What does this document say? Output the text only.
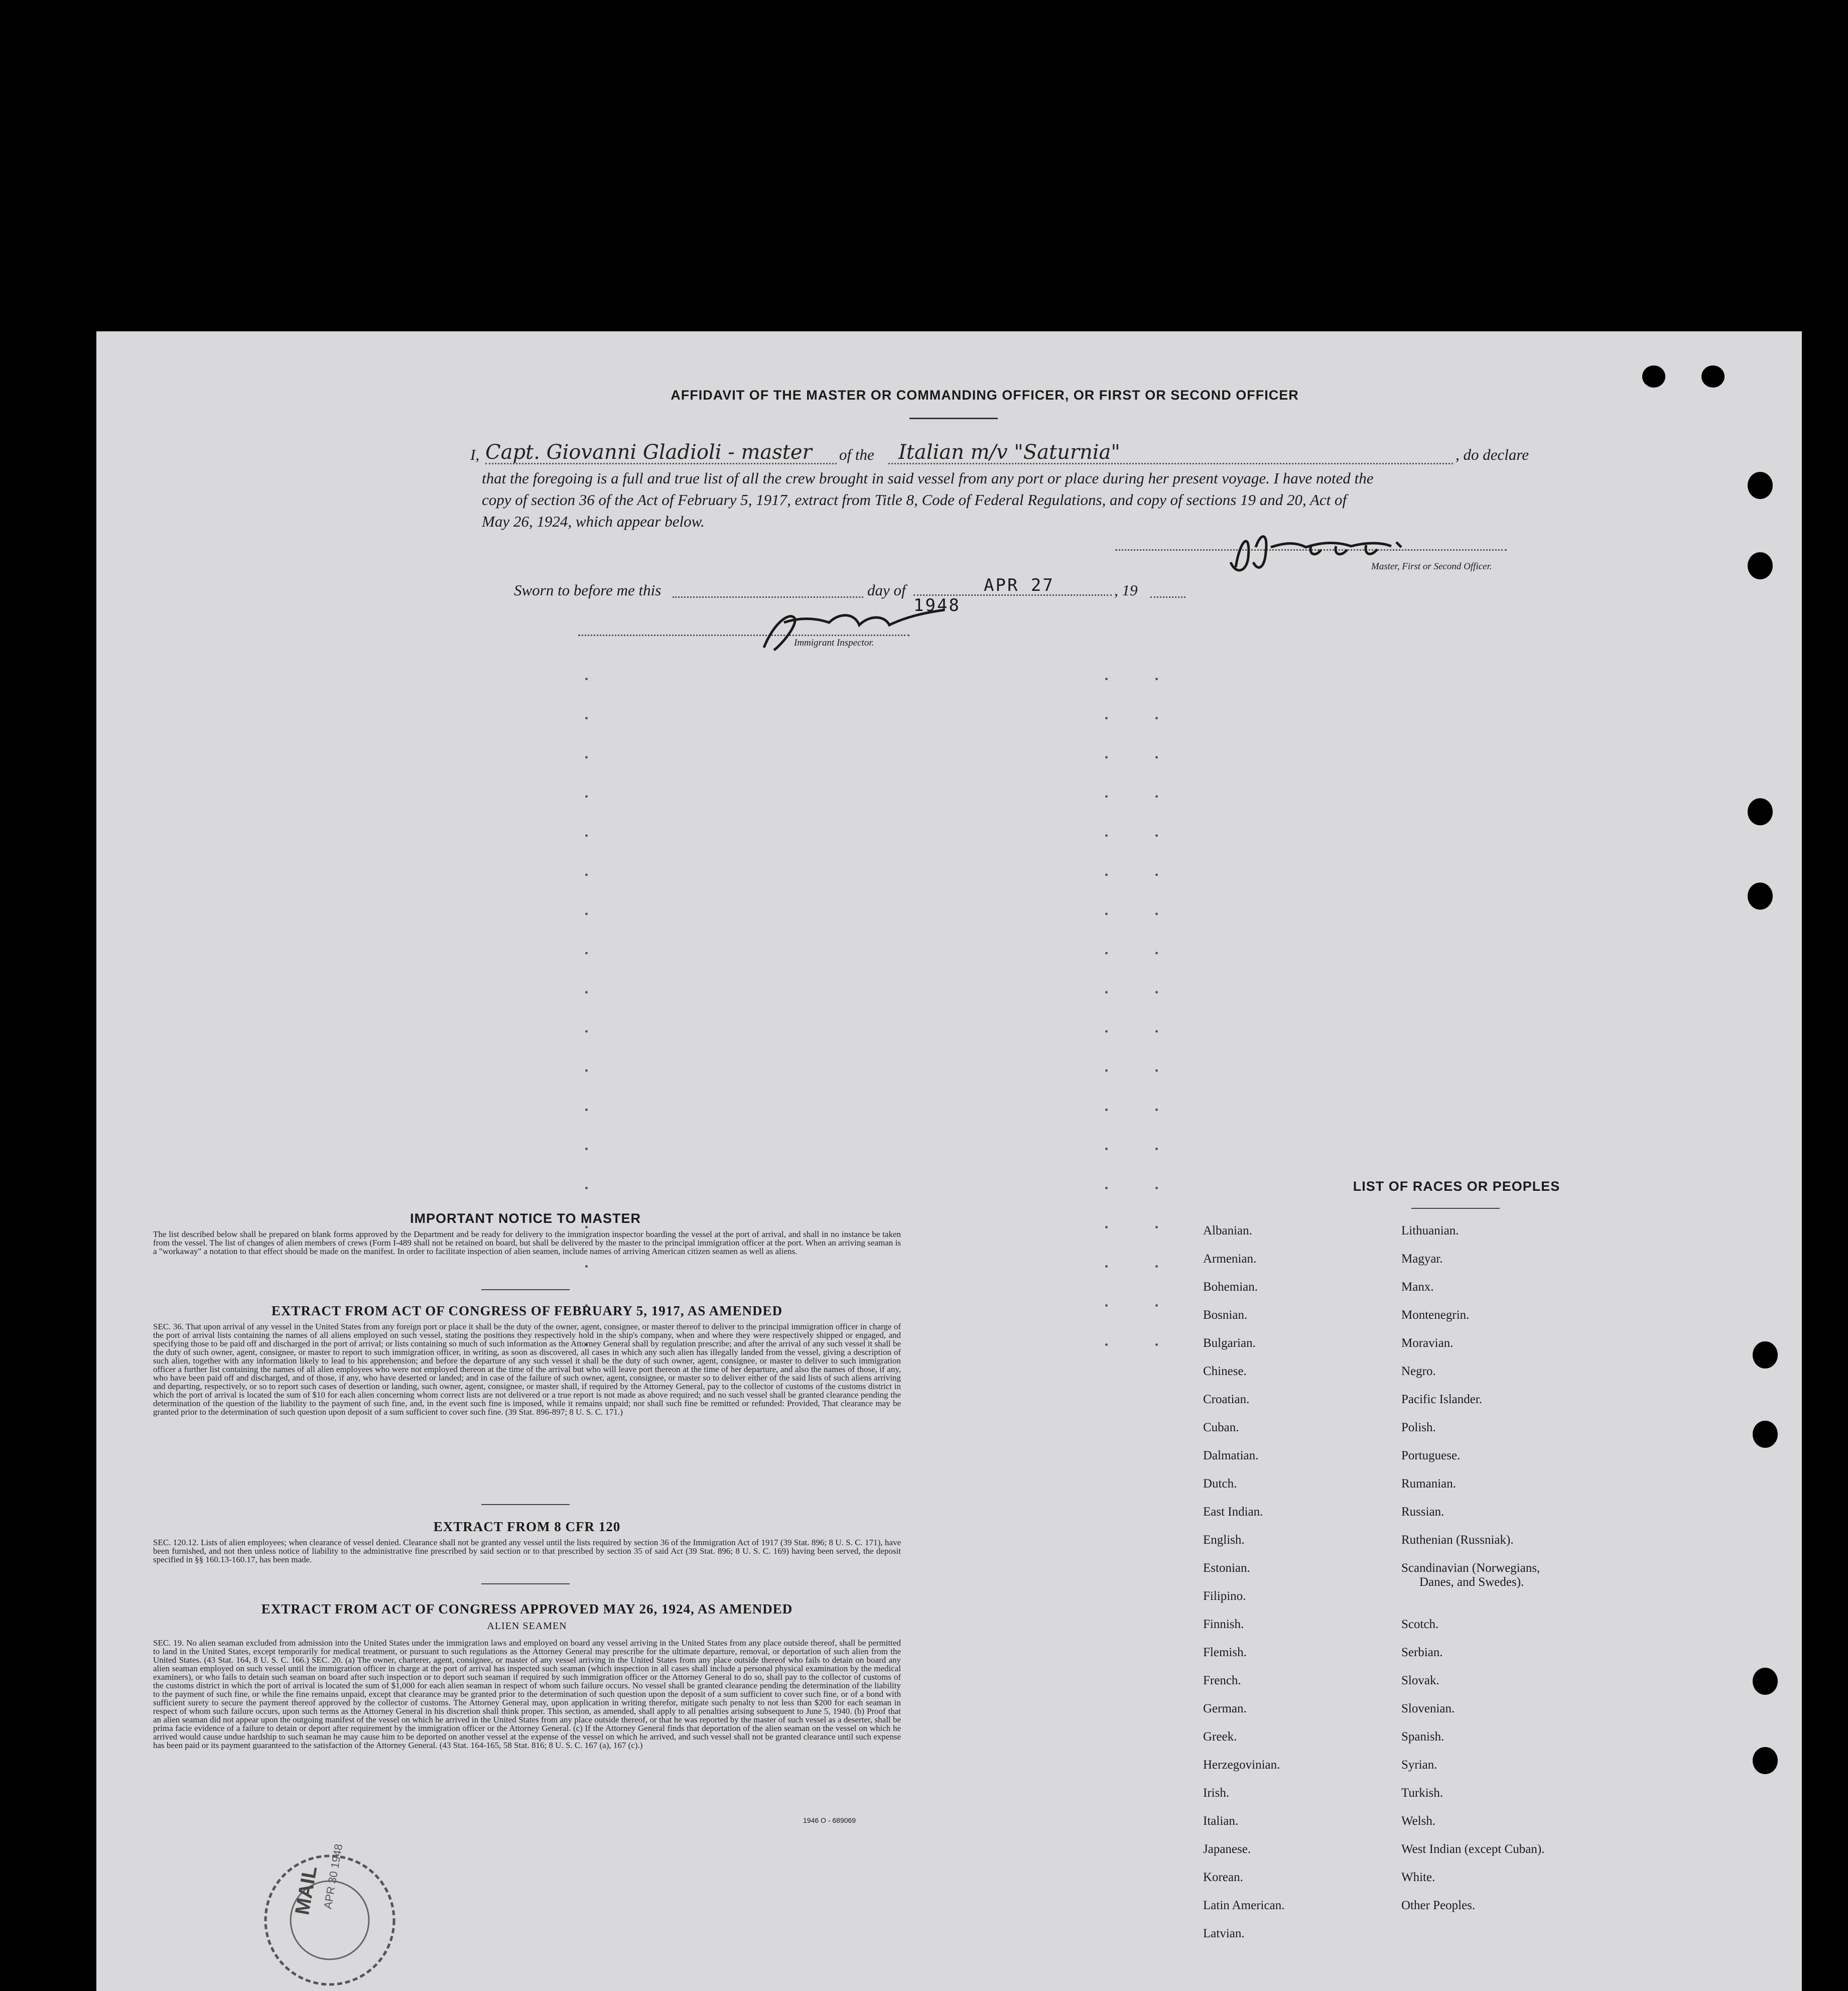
AFFIDAVIT OF THE MASTER OR COMMANDING OFFICER, OR FIRST OR SECOND OFFICER
I, Capt. Giovanni Gladioli - master	of the	Italian m/v "Saturnia"	, do declare
that the foregoing is a full and true list of all the crew brought in said vessel from any port or place during her present voyage. I have noted the
copy of section 36 of the Act of February 5, 1917, extract from Title 8, Code of Federal Regulations, and copy of sections 19 and 20, Act of
May 26, 1924, which appear below.
Master, First or Second Officer.
Sworn to before me this	day of	APR 27 1948
, 19
Immigrant Inspector.
IMPORTANT NOTICE TO MASTER
The list described below shall be prepared on blank forms approved by the Department and be ready for delivery to the immigration inspector boarding the vessel at the port of arrival, and shall in no instance be taken from the vessel. The list of changes of alien members of crews (Form I-489 shall not be retained on board, but shall be delivered by the master to the principal immigration officer at the port. When an arriving seaman is a "workaway" a notation to that effect should be made on the manifest. In order to facilitate inspection of alien seamen, include names of arriving American citizen seamen as well as aliens.
EXTRACT FROM ACT OF CONGRESS OF FEBRUARY 5, 1917, AS AMENDED
SEC. 36. That upon arrival of any vessel in the United States from any foreign port or place it shall be the duty of the owner, agent, consignee, or master thereof to deliver to the principal immigration officer in charge of the port of arrival lists containing the names of all aliens employed on such vessel, stating the positions they respectively hold in the ship's company, when and where they were respectively shipped or engaged, and specifying those to be paid off and discharged in the port of arrival; or lists containing so much of such information as the Attorney General shall by regulation prescribe; and after the arrival of any such vessel it shall be the duty of such owner, agent, consignee, or master to report to such immigration officer, in writing, as soon as discovered, all cases in which any such alien has illegally landed from the vessel, giving a description of such alien, together with any information likely to lead to his apprehension; and before the departure of any such vessel it shall be the duty of such owner, agent, consignee, or master to deliver to such immigration officer a further list containing the names of all alien employees who were not employed thereon at the time of the arrival but who will leave port thereon at the time of her departure, and also the names of those, if any, who have been paid off and discharged, and of those, if any, who have deserted or landed; and in case of the failure of such owner, agent, consignee, or master so to deliver either of the said lists of such aliens arriving and departing, respectively, or so to report such cases of desertion or landing, such owner, agent, consignee, or master shall, if required by the Attorney General, pay to the collector of customs of the customs district in which the port of arrival is located the sum of $10 for each alien concerning whom correct lists are not delivered or a true report is not made as above required; and no such vessel shall be granted clearance pending the determination of the question of the liability to the payment of such fine, and, in the event such fine is imposed, while it remains unpaid; nor shall such fine be remitted or refunded: Provided, That clearance may be granted prior to the determination of such question upon deposit of a sum sufficient to cover such fine. (39 Stat. 896-897; 8 U. S. C. 171.)
EXTRACT FROM 8 CFR 120
SEC. 120.12. Lists of alien employees; when clearance of vessel denied. Clearance shall not be granted any vessel until the lists required by section 36 of the Immigration Act of 1917 (39 Stat. 896; 8 U. S. C. 171), have been furnished, and not then unless notice of liability to the administrative fine prescribed by said section or to that prescribed by section 35 of said Act (39 Stat. 896; 8 U. S. C. 169) having been served, the deposit specified in §§ 160.13-160.17, has been made.
EXTRACT FROM ACT OF CONGRESS APPROVED MAY 26, 1924, AS AMENDED
ALIEN SEAMEN
SEC. 19. No alien seaman excluded from admission into the United States under the immigration laws and employed on board any vessel arriving in the United States from any place outside thereof, shall be permitted to land in the United States, except temporarily for medical treatment, or pursuant to such regulations as the Attorney General may prescribe for the ultimate departure, removal, or deportation of such alien from the United States. (43 Stat. 164, 8 U. S. C. 166.) SEC. 20. (a) The owner, charterer, agent, consignee, or master of any vessel arriving in the United States from any place outside thereof who fails to detain on board any alien seaman employed on such vessel until the immigration officer in charge at the port of arrival has inspected such seaman (which inspection in all cases shall include a personal physical examination by the medical examiners), or who fails to detain such seaman on board after such inspection or to deport such seaman if required by such immigration officer or the Attorney General to do so, shall pay to the collector of customs of the customs district in which the port of arrival is located the sum of $1,000 for each alien seaman in respect of whom such failure occurs. No vessel shall be granted clearance pending the determination of the liability to the payment of such fine, or while the fine remains unpaid, except that clearance may be granted prior to the determination of such question upon the deposit of a sum sufficient to cover such fine, or of a bond with sufficient surety to secure the payment thereof approved by the collector of customs. The Attorney General may, upon application in writing therefor, mitigate such penalty to not less than $200 for each seaman in respect of whom such failure occurs, upon such terms as the Attorney General in his discretion shall think proper. This section, as amended, shall apply to all penalties arising subsequent to June 5, 1940. (b) Proof that an alien seaman did not appear upon the outgoing manifest of the vessel on which he arrived in the United States from any place outside thereof, or that he was reported by the master of such vessel as a deserter, shall be prima facie evidence of a failure to detain or deport after requirement by the immigration officer or the Attorney General. (c) If the Attorney General finds that deportation of the alien seaman on the vessel on which he arrived would cause undue hardship to such seaman he may cause him to be deported on another vessel at the expense of the vessel on which he arrived, and such vessel shall not be granted clearance until such expense has been paid or its payment guaranteed to the satisfaction of the Attorney General. (43 Stat. 164-165, 58 Stat. 816; 8 U. S. C. 167 (a), 167 (c).)
1946 O - 689069
MAIL APR 30 1948
LIST OF RACES OR PEOPLES
Albanian.
Armenian.
Bohemian.
Bosnian.
Bulgarian.
Chinese.
Croatian.
Cuban.
Dalmatian.
Dutch.
East Indian.
English.
Estonian.
Filipino.
Finnish.
Flemish.
French.
German.
Greek.
Herzegovinian.
Irish.
Italian.
Japanese.
Korean.
Latin American.
Latvian.
Lithuanian.
Magyar.
Manx.
Montenegrin.
Moravian.
Negro.
Pacific Islander.
Polish.
Portuguese.
Rumanian.
Russian.
Ruthenian (Russniak).
Scandinavian (Norwegians,
Danes, and Swedes).
Scotch.
Serbian.
Slovak.
Slovenian.
Spanish.
Syrian.
Turkish.
Welsh.
West Indian (except Cuban).
White.
Other Peoples.
